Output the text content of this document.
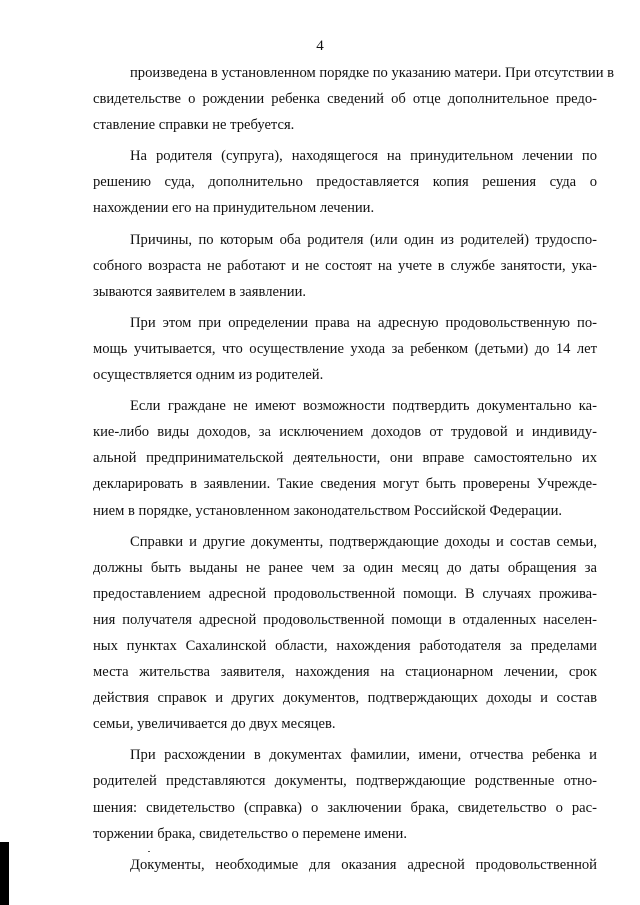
4

произведена в установленном порядке по указанию матери. При отсутствии в
свидетельстве о рождении ребенка сведений об отце дополнительное предо-
ставление справки не требуется.

На родителя (супруга), находящегося на принудительном лечении по
решению суда, дополнительно предоставляется копия решения суда о
нахождении его на принудительном лечении.

Причины, по которым оба родителя (или один из родителей) трудоспо-
собного возраста не работают и не состоят на учете в службе занятости, ука-
зываются заявителем в заявлении.

При этом при определении права на адресную продовольственную по-
мощь учитывается, что осуществление ухода за ребенком (детьми) до 14 лет
осуществляется одним из родителей.

Если граждане не имеют возможности подтвердить документально ка-
кие-либо виды доходов, за исключением доходов от трудовой и индивиду-
альной предпринимательской деятельности, они вправе самостоятельно их
декларировать в заявлении. Такие сведения могут быть проверены Учрежде-
нием в порядке, установленном законодательством Российской Федерации.

Справки и другие документы, подтверждающие доходы и состав семьи,
должны быть выданы не ранее чем за один месяц до даты обращения за
предоставлением адресной продовольственной помощи. В случаях прожива-
ния получателя адресной продовольственной помощи в отдаленных населен-
ных пунктах Сахалинской области, нахождения работодателя за пределами
места жительства заявителя, нахождения на стационарном лечении, срок
действия справок и других документов, подтверждающих доходы и состав
семьи, увеличивается до двух месяцев.

При расхождении в документах фамилии, имени, отчества ребенка и
родителей представляются документы, подтверждающие родственные отно-
шения: свидетельство (справка) о заключении брака, свидетельство о рас-
торжении брака, свидетельство о перемене имени.

Документы, необходимые для оказания адресной продовольственной
